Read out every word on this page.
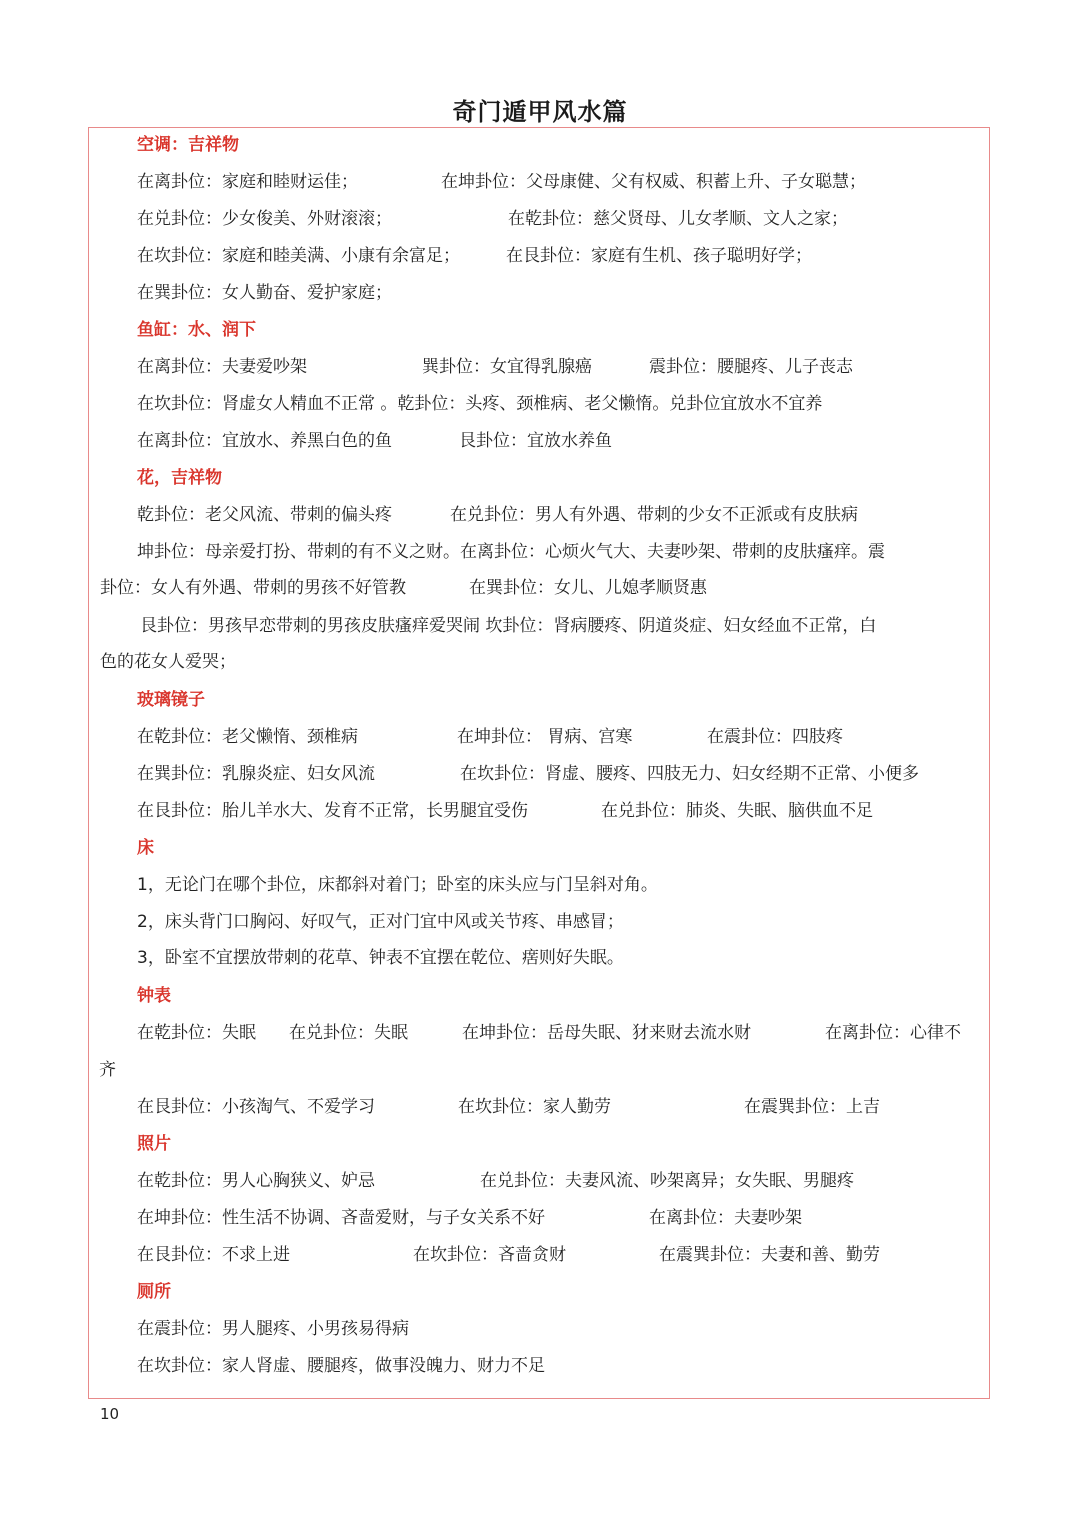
奇门遁甲风水篇
空调：吉祥物
在离卦位：家庭和睦财运佳；	在坤卦位：父母康健、父有权威、积蓄上升、子女聪慧；
在兑卦位：少女俊美、外财滚滚；	在乾卦位：慈父贤母、儿女孝顺、文人之家；
在坎卦位：家庭和睦美满、小康有余富足；	在艮卦位：家庭有生机、孩子聪明好学；
在巽卦位：女人勤奋、爱护家庭；
鱼缸：水、润下
在离卦位：夫妻爱吵架	巽卦位：女宜得乳腺癌	震卦位：腰腿疼、儿子丧志
在坎卦位：肾虚女人精血不正常 。乾卦位：头疼、颈椎病、老父懒惰。兑卦位宜放水不宜养
在离卦位：宜放水、养黑白色的鱼	艮卦位：宜放水养鱼
花，吉祥物
乾卦位：老父风流、带刺的偏头疼	在兑卦位：男人有外遇、带刺的少女不正派或有皮肤病
坤卦位：母亲爱打扮、带刺的有不义之财。在离卦位：心烦火气大、夫妻吵架、带刺的皮肤瘙痒。震
卦位：女人有外遇、带刺的男孩不好管教	在巽卦位：女儿、儿媳孝顺贤惠
艮卦位：男孩早恋带刺的男孩皮肤瘙痒爱哭闹 坎卦位：肾病腰疼、阴道炎症、妇女经血不正常，白
色的花女人爱哭；
玻璃镜子
在乾卦位：老父懒惰、颈椎病	在坤卦位： 胃病、宫寒	在震卦位：四肢疼
在巽卦位：乳腺炎症、妇女风流	在坎卦位：肾虚、腰疼、四肢无力、妇女经期不正常、小便多
在艮卦位：胎儿羊水大、发育不正常，长男腿宜受伤	在兑卦位：肺炎、失眠、脑供血不足
床
1，无论门在哪个卦位，床都斜对着门；卧室的床头应与门呈斜对角。
2，床头背门口胸闷、好叹气，正对门宜中风或关节疼、串感冒；
3，卧室不宜摆放带刺的花草、钟表不宜摆在乾位、瘔则好失眠。
钟表
在乾卦位：失眠 在兑卦位：失眠	在坤卦位：岳母失眠、犲来财去流水财	在离卦位：心律不
齐
在艮卦位：小孩淘气、不爱学习	在坎卦位：家人勤劳	在震巽卦位：上吉
照片
在乾卦位：男人心胸狭义、妒忌	在兑卦位：夫妻风流、吵架离异；女失眠、男腿疼
在坤卦位：性生活不协调、吝啬爱财，与子女关系不好	在离卦位：夫妻吵架
在艮卦位：不求上进	在坎卦位：吝啬贪财	在震巽卦位：夫妻和善、勤劳
厕所
在震卦位：男人腿疼、小男孩易得病
在坎卦位：家人肾虚、腰腿疼，做事没魄力、财力不足
10
